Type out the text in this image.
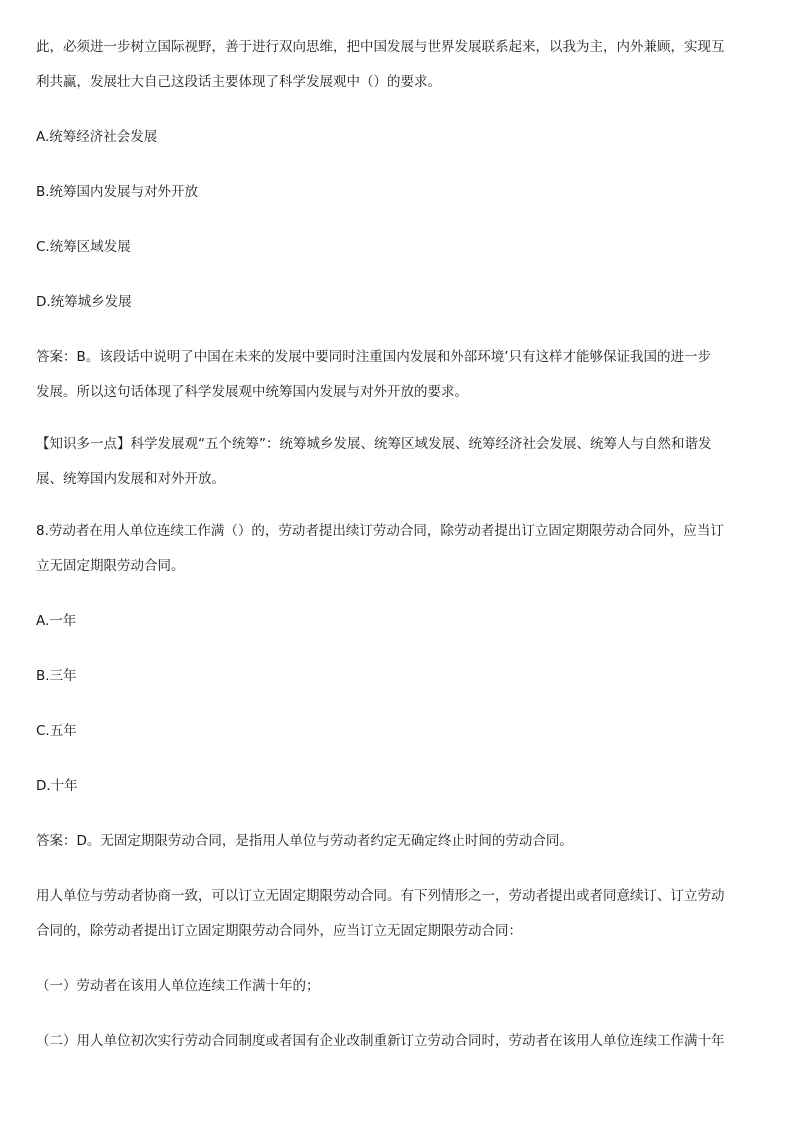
此，必须进一步树立国际视野，善于进行双向思维，把中国发展与世界发展联系起来，以我为主，内外兼顾，实现互
利共赢，发展壮大自己这段话主要体现了科学发展观中（）的要求。
A.统筹经济社会发展
B.统筹国内发展与对外开放
C.统筹区域发展
D.统筹城乡发展
答案：B。该段话中说明了中国在未来的发展中要同时注重国内发展和外部环境’只有这样才能够保证我国的进一步
发展。所以这句话体现了科学发展观中统筹国内发展与对外开放的要求。
【知识多一点】科学发展观“五个统筹”：统筹城乡发展、统筹区域发展、统筹经济社会发展、统筹人与自然和谐发
展、统筹国内发展和对外开放。
8.劳动者在用人单位连续工作满（）的，劳动者提出续订劳动合同，除劳动者提出订立固定期限劳动合同外，应当订
立无固定期限劳动合同。
A.一年
B.三年
C.五年
D.十年
答案：D。无固定期限劳动合同，是指用人单位与劳动者约定无确定终止时间的劳动合同。
用人单位与劳动者协商一致，可以订立无固定期限劳动合同。有下列情形之一，劳动者提出或者同意续订、订立劳动
合同的，除劳动者提出订立固定期限劳动合同外，应当订立无固定期限劳动合同：
（一）劳动者在该用人单位连续工作满十年的；
（二）用人单位初次实行劳动合同制度或者国有企业改制重新订立劳动合同时，劳动者在该用人单位连续工作满十年
